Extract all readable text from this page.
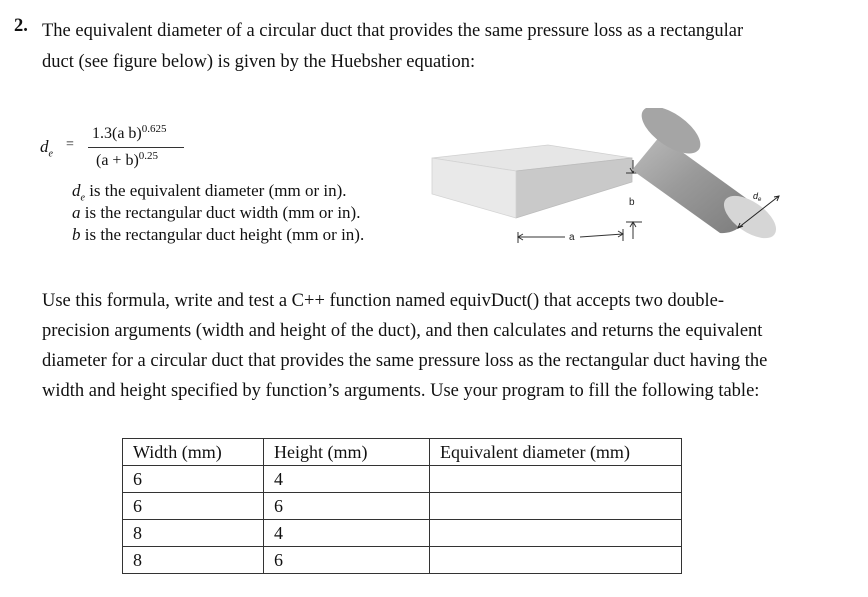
2. The equivalent diameter of a circular duct that provides the same pressure loss as a rectangular
duct (see figure below) is given by the Huebsher equation:
$d_e$
=
1.3(a b)$^{0.625}$
$(a + b)^{0.25}$
$d_e$ is the equivalent diameter (mm or in).
a is the rectangular duct width (mm or in).
b is the rectangular duct height (mm or in).
b
a
$d_e$
Use this formula, write and test a C++ function named equivDuct() that accepts two double-
precision arguments (width and height of the duct), and then calculates and returns the equivalent
diameter for a circular duct that provides the same pressure loss as the rectangular duct having the
width and height specified by function’s arguments. Use your program to fill the following table:
Width (mm)	Height (mm)	Equivalent diameter (mm)
6	4	
6	6	
8	4	
8	6	
